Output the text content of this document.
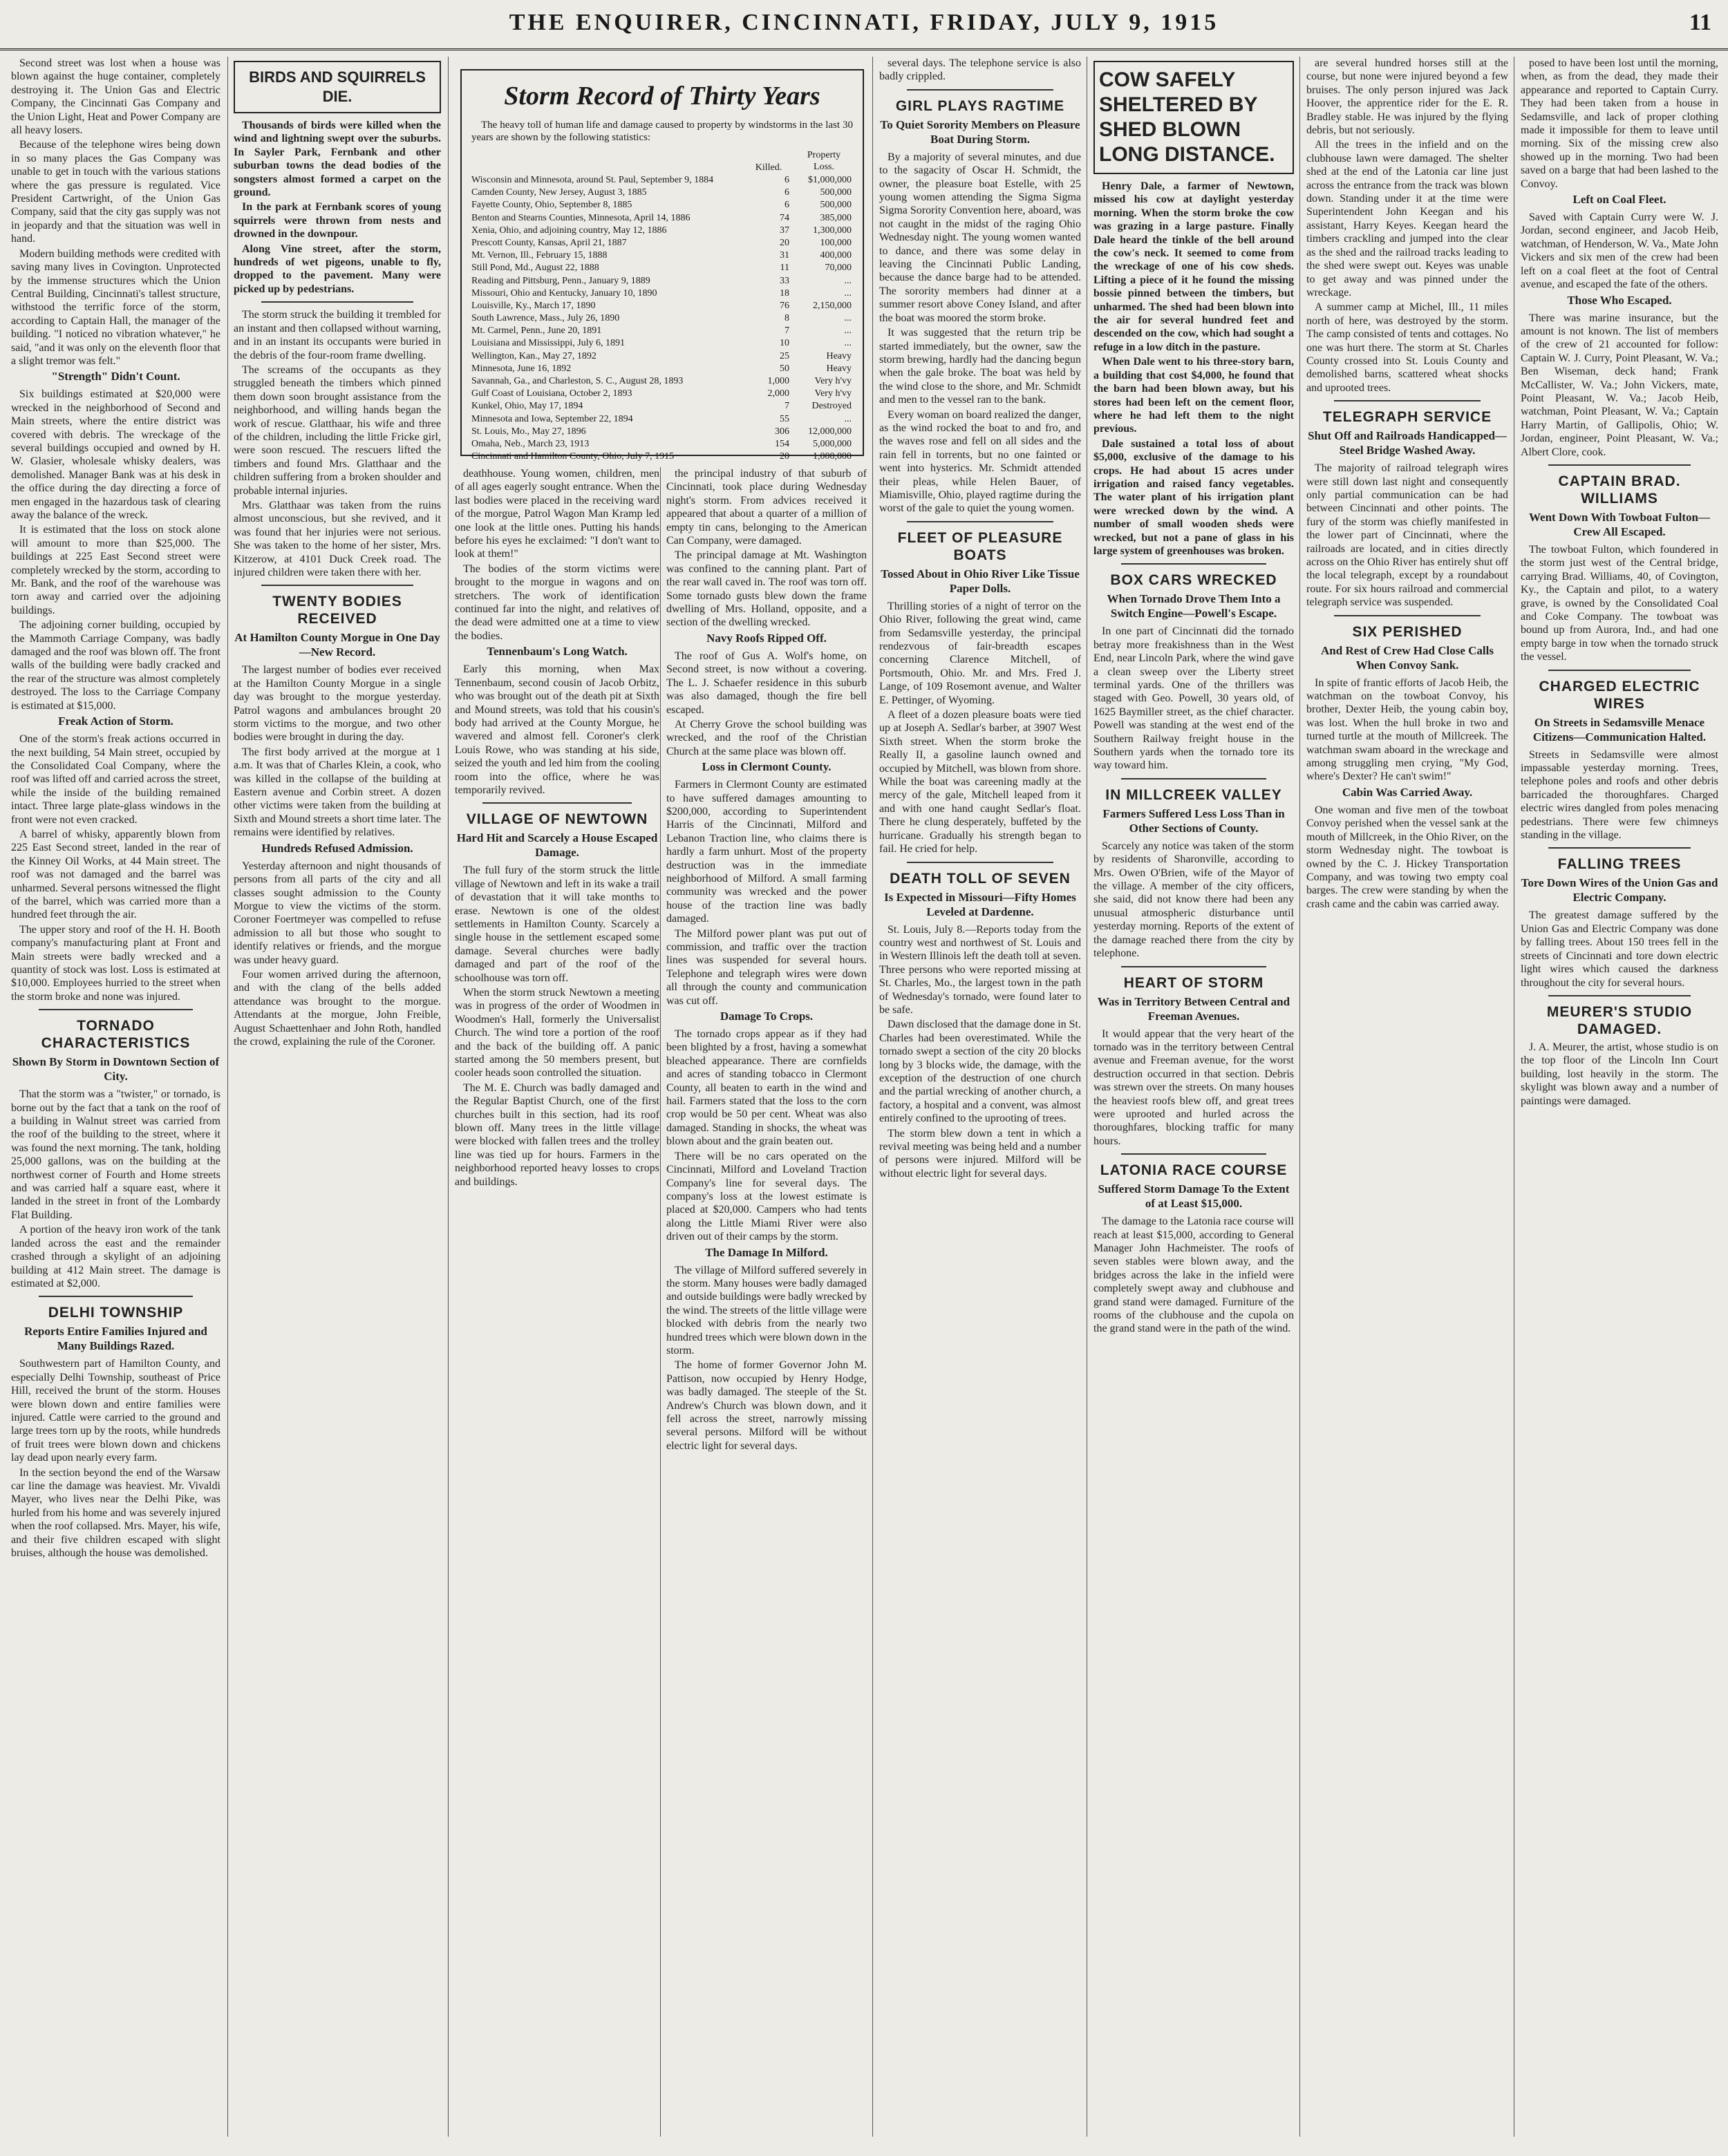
THE ENQUIRER, CINCINNATI, FRIDAY, JULY 9, 1915	11

Second street was lost when a house was blown against the huge container, completely destroying it. The Union Gas and Electric Company, the Cincinnati Gas Company and the Union Light, Heat and Power Company are all heavy losers.

Because of the telephone wires being down in so many places the Gas Company was unable to get in touch with the various stations where the gas pressure is regulated. Vice President Cartwright, of the Union Gas Company, said that the city gas supply was not in jeopardy and that the situation was well in hand.

Modern building methods were credited with saving many lives in Covington. Unprotected by the immense structures which the Union Central Building, Cincinnati's tallest structure, withstood the terrific force of the storm, according to Captain Hall, the manager of the building. "I noticed no vibration whatever," he said, "and it was only on the eleventh floor that a slight tremor was felt."

"Strength" Didn't Count.

Six buildings estimated at $20,000 were wrecked in the neighborhood of Second and Main streets, where the entire district was covered with debris. The wreckage of the several buildings occupied and owned by H. W. Glasier, wholesale whisky dealers, was demolished. Manager Bank was at his desk in the office during the day directing a force of men engaged in the hazardous task of clearing away the balance of the wreck.

It is estimated that the loss on stock alone will amount to more than $25,000. The buildings at 225 East Second street were completely wrecked by the storm, according to Mr. Bank, and the roof of the warehouse was torn away and carried over the adjoining buildings.

The adjoining corner building, occupied by the Mammoth Carriage Company, was badly damaged and the roof was blown off. The front walls of the building were badly cracked and the rear of the structure was almost completely destroyed. The loss to the Carriage Company is estimated at $15,000.

Freak Action of Storm.

One of the storm's freak actions occurred in the next building, 54 Main street, occupied by the Consolidated Coal Company, where the roof was lifted off and carried across the street, while the inside of the building remained intact. Three large plate-glass windows in the front were not even cracked.

A barrel of whisky, apparently blown from 225 East Second street, landed in the rear of the Kinney Oil Works, at 44 Main street. The roof was not damaged and the barrel was unharmed. Several persons witnessed the flight of the barrel, which was carried more than a hundred feet through the air.

The upper story and roof of the H. H. Booth company's manufacturing plant at Front and Main streets were badly wrecked and a quantity of stock was lost. Loss is estimated at $10,000. Employees hurried to the street when the storm broke and none was injured.

TORNADO CHARACTERISTICS
Shown By Storm in Downtown Section of City.

That the storm was a "twister," or tornado, is borne out by the fact that a tank on the roof of a building in Walnut street was carried from the roof of the building to the street, where it was found the next morning. The tank, holding 25,000 gallons, was on the building at the northwest corner of Fourth and Home streets and was carried half a square east, where it landed in the street in front of the Lombardy Flat Building.

A portion of the heavy iron work of the tank landed across the east and the remainder crashed through a skylight of an adjoining building at 412 Main street. The damage is estimated at $2,000.

DELHI TOWNSHIP
Reports Entire Families Injured and Many Buildings Razed.

Southwestern part of Hamilton County, and especially Delhi Township, southeast of Price Hill, received the brunt of the storm. Houses were blown down and entire families were injured. Cattle were carried to the ground and large trees torn up by the roots, while hundreds of fruit trees were blown down and chickens lay dead upon nearly every farm.

In the section beyond the end of the Warsaw car line the damage was heaviest. Mr. Vivaldi Mayer, who lives near the Delhi Pike, was hurled from his home and was severely injured when the roof collapsed. Mrs. Mayer, his wife, and their five children escaped with slight bruises, although the house was demolished.

BIRDS AND SQUIRRELS DIE.

Thousands of birds were killed when the wind and lightning swept over the suburbs. In Sayler Park, Fernbank and other suburban towns the dead bodies of the songsters almost formed a carpet on the ground.

In the park at Fernbank scores of young squirrels were thrown from nests and drowned in the downpour.

Along Vine street, after the storm, hundreds of wet pigeons, unable to fly, dropped to the pavement. Many were picked up by pedestrians.

The storm struck the building it trembled for an instant and then collapsed without warning, and in an instant its occupants were buried in the debris of the four-room frame dwelling.

The screams of the occupants as they struggled beneath the timbers which pinned them down soon brought assistance from the neighborhood, and willing hands began the work of rescue. Glatthaar, his wife and three of the children, including the little Fricke girl, were soon rescued. The rescuers lifted the timbers and found Mrs. Glatthaar and the children suffering from a broken shoulder and probable internal injuries.

Mrs. Glatthaar was taken from the ruins almost unconscious, but she revived, and it was found that her injuries were not serious. She was taken to the home of her sister, Mrs. Kitzerow, at 4101 Duck Creek road. The injured children were taken there with her.

TWENTY BODIES RECEIVED
At Hamilton County Morgue in One Day—New Record.

The largest number of bodies ever received at the Hamilton County Morgue in a single day was brought to the morgue yesterday. Patrol wagons and ambulances brought 20 storm victims to the morgue, and two other bodies were brought in during the day.

The first body arrived at the morgue at 1 a.m. It was that of Charles Klein, a cook, who was killed in the collapse of the building at Eastern avenue and Corbin street. A dozen other victims were taken from the building at Sixth and Mound streets a short time later. The remains were identified by relatives.

Hundreds Refused Admission.

Yesterday afternoon and night thousands of persons from all parts of the city and all classes sought admission to the County Morgue to view the victims of the storm. Coroner Foertmeyer was compelled to refuse admission to all but those who sought to identify relatives or friends, and the morgue was under heavy guard.

Four women arrived during the afternoon, and with the clang of the bells added attendance was brought to the morgue. Attendants at the morgue, John Freible, August Schaettenhaer and John Roth, handled the crowd, explaining the rule of the Coroner.

Storm Record of Thirty Years
The heavy toll of human life and damage caused to property by windstorms in the last 30 years are shown by the following statistics:
Property
Loss.
Killed.
Wisconsin and Minnesota, around St. Paul, September 9, 1884	6	$1,000,000
Camden County, New Jersey, August 3, 1885	6	500,000
Fayette County, Ohio, September 8, 1885	6	500,000
Benton and Stearns Counties, Minnesota, April 14, 1886	74	385,000
Xenia, Ohio, and adjoining country, May 12, 1886	37	1,300,000
Prescott County, Kansas, April 21, 1887	20	100,000
Mt. Vernon, Ill., February 15, 1888	31	400,000
Still Pond, Md., August 22, 1888	11	70,000
Reading and Pittsburg, Penn., January 9, 1889	33	...
Missouri, Ohio and Kentucky, January 10, 1890	18	...
Louisville, Ky., March 17, 1890	76	2,150,000
South Lawrence, Mass., July 26, 1890	8	...
Mt. Carmel, Penn., June 20, 1891	7	...
Louisiana and Mississippi, July 6, 1891	10	...
Wellington, Kan., May 27, 1892	25	Heavy
Minnesota, June 16, 1892	50	Heavy
Savannah, Ga., and Charleston, S. C., August 28, 1893	1,000	Very h'vy
Gulf Coast of Louisiana, October 2, 1893	2,000	Very h'vy
Kunkel, Ohio, May 17, 1894	7	Destroyed
Minnesota and Iowa, September 22, 1894	55	...
St. Louis, Mo., May 27, 1896	306	12,000,000
Omaha, Neb., March 23, 1913	154	5,000,000
Cincinnati and Hamilton County, Ohio, July 7, 1915	20	1,000,000

deathhouse. Young women, children, men of all ages eagerly sought entrance. When the last bodies were placed in the receiving ward of the morgue, Patrol Wagon Man Kramp led one look at the little ones. Putting his hands before his eyes he exclaimed: "I don't want to look at them!"

The bodies of the storm victims were brought to the morgue in wagons and on stretchers. The work of identification continued far into the night, and relatives of the dead were admitted one at a time to view the bodies.

Tennenbaum's Long Watch.

Early this morning, when Max Tennenbaum, second cousin of Jacob Orbitz, who was brought out of the death pit at Sixth and Mound streets, was told that his cousin's body had arrived at the County Morgue, he wavered and almost fell. Coroner's clerk Louis Rowe, who was standing at his side, seized the youth and led him from the cooling room into the office, where he was temporarily revived.

VILLAGE OF NEWTOWN
Hard Hit and Scarcely a House Escaped Damage.

The full fury of the storm struck the little village of Newtown and left in its wake a trail of devastation that it will take months to erase. Newtown is one of the oldest settlements in Hamilton County. Scarcely a single house in the settlement escaped some damage. Several churches were badly damaged and part of the roof of the schoolhouse was torn off.

When the storm struck Newtown a meeting was in progress of the order of Woodmen in Woodmen's Hall, formerly the Universalist Church. The wind tore a portion of the roof and the back of the building off. A panic started among the 50 members present, but cooler heads soon controlled the situation.

The M. E. Church was badly damaged and the Regular Baptist Church, one of the first churches built in this section, had its roof blown off. Many trees in the little village were blocked with fallen trees and the trolley line was tied up for hours. Farmers in the neighborhood reported heavy losses to crops and buildings.

the principal industry of that suburb of Cincinnati, took place during Wednesday night's storm. From advices received it appeared that about a quarter of a million of empty tin cans, belonging to the American Can Company, were damaged.

The principal damage at Mt. Washington was confined to the canning plant. Part of the rear wall caved in. The roof was torn off. Some tornado gusts blew down the frame dwelling of Mrs. Holland, opposite, and a section of the dwelling wrecked.

Navy Roofs Ripped Off.

The roof of Gus A. Wolf's home, on Second street, is now without a covering. The L. J. Schaefer residence in this suburb was also damaged, though the fire bell escaped.

At Cherry Grove the school building was wrecked, and the roof of the Christian Church at the same place was blown off.

Loss in Clermont County.

Farmers in Clermont County are estimated to have suffered damages amounting to $200,000, according to Superintendent Harris of the Cincinnati, Milford and Lebanon Traction line, who claims there is hardly a farm unhurt. Most of the property destruction was in the immediate neighborhood of Milford. A small farming community was wrecked and the power house of the traction line was badly damaged.

The Milford power plant was put out of commission, and traffic over the traction lines was suspended for several hours. Telephone and telegraph wires were down all through the county and communication was cut off.

Damage To Crops.

The tornado crops appear as if they had been blighted by a frost, having a somewhat bleached appearance. There are cornfields and acres of standing tobacco in Clermont County, all beaten to earth in the wind and hail. Farmers stated that the loss to the corn crop would be 50 per cent. Wheat was also damaged. Standing in shocks, the wheat was blown about and the grain beaten out.

There will be no cars operated on the Cincinnati, Milford and Loveland Traction Company's line for several days. The company's loss at the lowest estimate is placed at $20,000. Campers who had tents along the Little Miami River were also driven out of their camps by the storm.

The Damage In Milford.

The village of Milford suffered severely in the storm. Many houses were badly damaged and outside buildings were badly wrecked by the wind. The streets of the little village were blocked with debris from the nearly two hundred trees which were blown down in the storm.

The home of former Governor John M. Pattison, now occupied by Henry Hodge, was badly damaged. The steeple of the St. Andrew's Church was blown down, and it fell across the street, narrowly missing several persons. Milford will be without electric light for several days.

several days. The telephone service is also badly crippled.

GIRL PLAYS RAGTIME
To Quiet Sorority Members on Pleasure Boat During Storm.

By a majority of several minutes, and due to the sagacity of Oscar H. Schmidt, the owner, the pleasure boat Estelle, with 25 young women attending the Sigma Sigma Sigma Sorority Convention here, aboard, was not caught in the midst of the raging Ohio Wednesday night. The young women wanted to dance, and there was some delay in leaving the Cincinnati Public Landing, because the dance barge had to be attended. The sorority members had dinner at a summer resort above Coney Island, and after the boat was moored the storm broke.

It was suggested that the return trip be started immediately, but the owner, saw the storm brewing, hardly had the dancing begun when the gale broke. The boat was held by the wind close to the shore, and Mr. Schmidt and men to the vessel ran to the bank.

Every woman on board realized the danger, as the wind rocked the boat to and fro, and the waves rose and fell on all sides and the rain fell in torrents, but no one fainted or went into hysterics. Mr. Schmidt attended their pleas, while Helen Bauer, of Miamisville, Ohio, played ragtime during the worst of the gale to quiet the young women.

FLEET OF PLEASURE BOATS
Tossed About in Ohio River Like Tissue Paper Dolls.

Thrilling stories of a night of terror on the Ohio River, following the great wind, came from Sedamsville yesterday, the principal rendezvous of fair-breadth escapes concerning Clarence Mitchell, of Portsmouth, Ohio. Mr. and Mrs. Fred J. Lange, of 109 Rosemont avenue, and Walter E. Pettinger, of Wyoming.

A fleet of a dozen pleasure boats were tied up at Joseph A. Sedlar's barber, at 3907 West Sixth street. When the storm broke the Really II, a gasoline launch owned and occupied by Mitchell, was blown from shore. While the boat was careening madly at the mercy of the gale, Mitchell leaped from it and with one hand caught Sedlar's float. There he clung desperately, buffeted by the hurricane. Gradually his strength began to fail. He cried for help.

DEATH TOLL OF SEVEN
Is Expected in Missouri—Fifty Homes Leveled at Dardenne.

St. Louis, July 8.—Reports today from the country west and northwest of St. Louis and in Western Illinois left the death toll at seven. Three persons who were reported missing at St. Charles, Mo., the largest town in the path of Wednesday's tornado, were found later to be safe.

Dawn disclosed that the damage done in St. Charles had been overestimated. While the tornado swept a section of the city 20 blocks long by 3 blocks wide, the damage, with the exception of the destruction of one church and the partial wrecking of another church, a factory, a hospital and a convent, was almost entirely confined to the uprooting of trees.

The storm blew down a tent in which a revival meeting was being held and a number of persons were injured. Milford will be without electric light for several days.

COW SAFELY SHELTERED BY SHED BLOWN LONG DISTANCE.

Henry Dale, a farmer of Newtown, missed his cow at daylight yesterday morning. When the storm broke the cow was grazing in a large pasture. Finally Dale heard the tinkle of the bell around the cow's neck. It seemed to come from the wreckage of one of his cow sheds. Lifting a piece of it he found the missing bossie pinned between the timbers, but unharmed. The shed had been blown into the air for several hundred feet and descended on the cow, which had sought a refuge in a low ditch in the pasture.

When Dale went to his three-story barn, a building that cost $4,000, he found that the barn had been blown away, but his stores had been left on the cement floor, where he had left them to the night previous.

Dale sustained a total loss of about $5,000, exclusive of the damage to his crops. He had about 15 acres under irrigation and raised fancy vegetables. The water plant of his irrigation plant were wrecked down by the wind. A number of small wooden sheds were wrecked, but not a pane of glass in his large system of greenhouses was broken.

BOX CARS WRECKED
When Tornado Drove Them Into a Switch Engine—Powell's Escape.

In one part of Cincinnati did the tornado betray more freakishness than in the West End, near Lincoln Park, where the wind gave a clean sweep over the Liberty street terminal yards. One of the thrillers was staged with Geo. Powell, 30 years old, of 1625 Baymiller street, as the chief character. Powell was standing at the west end of the Southern Railway freight house in the Southern yards when the tornado tore its way toward him.

IN MILLCREEK VALLEY
Farmers Suffered Less Loss Than in Other Sections of County.

Scarcely any notice was taken of the storm by residents of Sharonville, according to Mrs. Owen O'Brien, wife of the Mayor of the village. A member of the city officers, she said, did not know there had been any unusual atmospheric disturbance until yesterday morning. Reports of the extent of the damage reached there from the city by telephone.

HEART OF STORM
Was in Territory Between Central and Freeman Avenues.

It would appear that the very heart of the tornado was in the territory between Central avenue and Freeman avenue, for the worst destruction occurred in that section. Debris was strewn over the streets. On many houses the heaviest roofs blew off, and great trees were uprooted and hurled across the thoroughfares, blocking traffic for many hours.

LATONIA RACE COURSE
Suffered Storm Damage To the Extent of at Least $15,000.

The damage to the Latonia race course will reach at least $15,000, according to General Manager John Hachmeister. The roofs of seven stables were blown away, and the bridges across the lake in the infield were completely swept away and clubhouse and grand stand were damaged. Furniture of the rooms of the clubhouse and the cupola on the grand stand were in the path of the wind.

are several hundred horses still at the course, but none were injured beyond a few bruises. The only person injured was Jack Hoover, the apprentice rider for the E. R. Bradley stable. He was injured by the flying debris, but not seriously.

All the trees in the infield and on the clubhouse lawn were damaged. The shelter shed at the end of the Latonia car line just across the entrance from the track was blown down. Standing under it at the time were Superintendent John Keegan and his assistant, Harry Keyes. Keegan heard the timbers crackling and jumped into the clear as the shed and the railroad tracks leading to the shed were swept out. Keyes was unable to get away and was pinned under the wreckage.

A summer camp at Michel, Ill., 11 miles north of here, was destroyed by the storm. The camp consisted of tents and cottages. No one was hurt there. The storm at St. Charles County crossed into St. Louis County and demolished barns, scattered wheat shocks and uprooted trees.

TELEGRAPH SERVICE
Shut Off and Railroads Handicapped—Steel Bridge Washed Away.

The majority of railroad telegraph wires were still down last night and consequently only partial communication can be had between Cincinnati and other points. The fury of the storm was chiefly manifested in the lower part of Cincinnati, where the railroads are located, and in cities directly across on the Ohio River has entirely shut off the local telegraph, except by a roundabout route. For six hours railroad and commercial telegraph service was suspended.

SIX PERISHED
And Rest of Crew Had Close Calls When Convoy Sank.

In spite of frantic efforts of Jacob Heib, the watchman on the towboat Convoy, his brother, Dexter Heib, the young cabin boy, was lost. When the hull broke in two and turned turtle at the mouth of Millcreek. The watchman swam aboard in the wreckage and among struggling men crying, "My God, where's Dexter? He can't swim!"

Cabin Was Carried Away.

One woman and five men of the towboat Convoy perished when the vessel sank at the mouth of Millcreek, in the Ohio River, on the storm Wednesday night. The towboat is owned by the C. J. Hickey Transportation Company, and was towing two empty coal barges. The crew were standing by when the crash came and the cabin was carried away.

posed to have been lost until the morning, when, as from the dead, they made their appearance and reported to Captain Curry. They had been taken from a house in Sedamsville, and lack of proper clothing made it impossible for them to leave until morning. Six of the missing crew also showed up in the morning. Two had been saved on a barge that had been lashed to the Convoy.

Left on Coal Fleet.

Saved with Captain Curry were W. J. Jordan, second engineer, and Jacob Heib, watchman, of Henderson, W. Va., Mate John Vickers and six men of the crew had been left on a coal fleet at the foot of Central avenue, and escaped the fate of the others.

Those Who Escaped.

There was marine insurance, but the amount is not known. The list of members of the crew of 21 accounted for follow: Captain W. J. Curry, Point Pleasant, W. Va.; Ben Wiseman, deck hand; Frank McCallister, W. Va.; John Vickers, mate, Point Pleasant, W. Va.; Jacob Heib, watchman, Point Pleasant, W. Va.; Captain Harry Martin, of Gallipolis, Ohio; W. Jordan, engineer, Point Pleasant, W. Va.; Albert Clore, cook.

CAPTAIN BRAD. WILLIAMS
Went Down With Towboat Fulton—Crew All Escaped.

The towboat Fulton, which foundered in the storm just west of the Central bridge, carrying Brad. Williams, 40, of Covington, Ky., the Captain and pilot, to a watery grave, is owned by the Consolidated Coal and Coke Company. The towboat was bound up from Aurora, Ind., and had one empty barge in tow when the tornado struck the vessel.

CHARGED ELECTRIC WIRES
On Streets in Sedamsville Menace Citizens—Communication Halted.

Streets in Sedamsville were almost impassable yesterday morning. Trees, telephone poles and roofs and other debris barricaded the thoroughfares. Charged electric wires dangled from poles menacing pedestrians. There were few chimneys standing in the village.

FALLING TREES
Tore Down Wires of the Union Gas and Electric Company.

The greatest damage suffered by the Union Gas and Electric Company was done by falling trees. About 150 trees fell in the streets of Cincinnati and tore down electric light wires which caused the darkness throughout the city for several hours.

MEURER'S STUDIO DAMAGED.

J. A. Meurer, the artist, whose studio is on the top floor of the Lincoln Inn Court building, lost heavily in the storm. The skylight was blown away and a number of paintings were damaged.
